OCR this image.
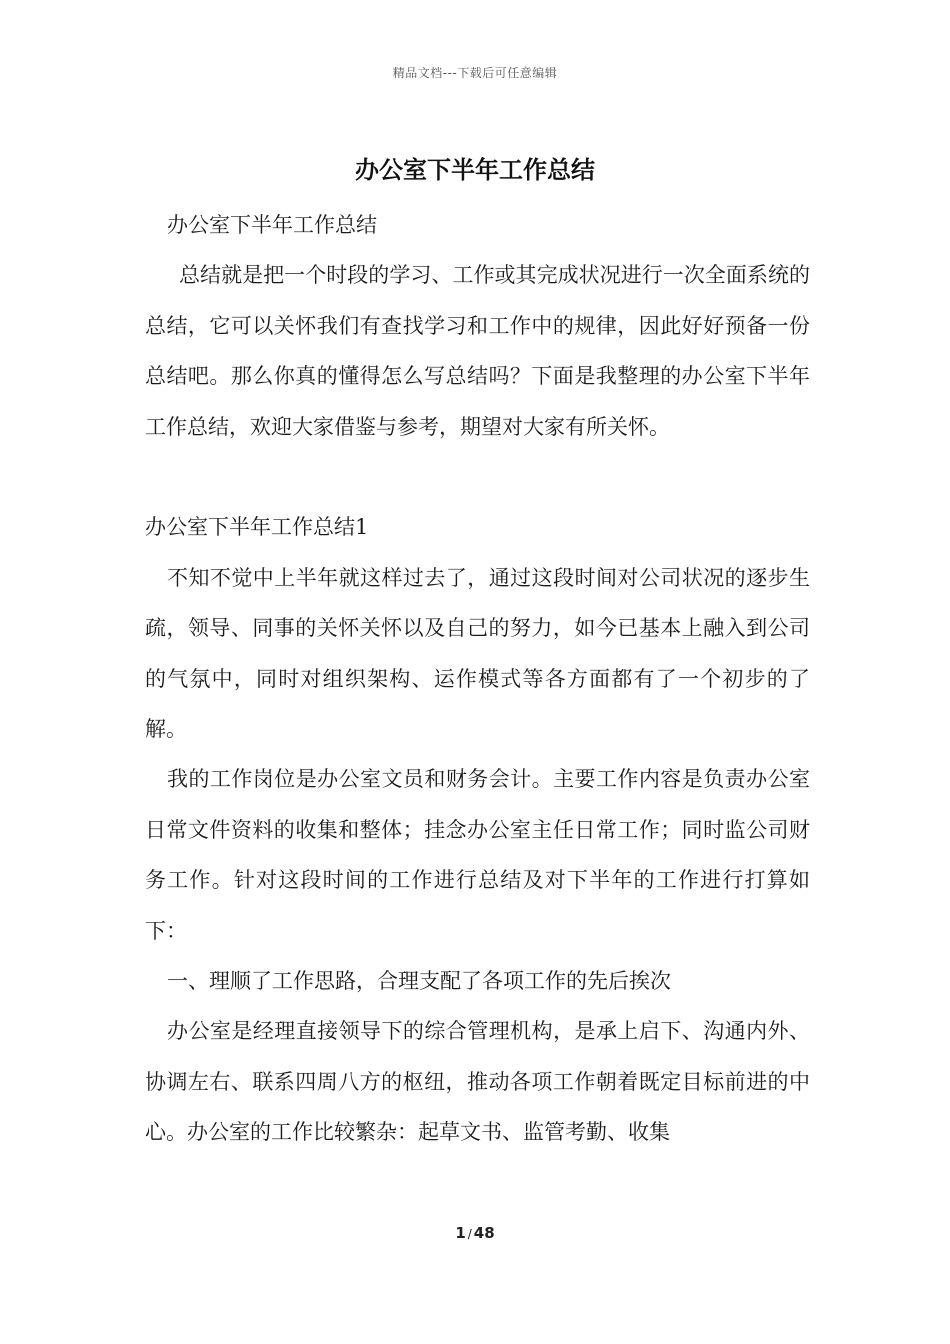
精品文档---下载后可任意编辑
办公室下半年工作总结

办公室下半年工作总结

总结就是把一个时段的学习、工作或其完成状况进行一次全面系统的总结，它可以关怀我们有查找学习和工作中的规律，因此好好预备一份总结吧。那么你真的懂得怎么写总结吗？下面是我整理的办公室下半年工作总结，欢迎大家借鉴与参考，期望对大家有所关怀。

办公室下半年工作总结1

不知不觉中上半年就这样过去了，通过这段时间对公司状况的逐步生疏，领导、同事的关怀关怀以及自己的努力，如今已基本上融入到公司的气氛中，同时对组织架构、运作模式等各方面都有了一个初步的了解。

我的工作岗位是办公室文员和财务会计。主要工作内容是负责办公室日常文件资料的收集和整体；挂念办公室主任日常工作；同时监公司财务工作。针对这段时间的工作进行总结及对下半年的工作进行打算如下：

一、理顺了工作思路，合理支配了各项工作的先后挨次

办公室是经理直接领导下的综合管理机构，是承上启下、沟通内外、协调左右、联系四周八方的枢纽，推动各项工作朝着既定目标前进的中心。办公室的工作比较繁杂：起草文书、监管考勤、收集

1 / 48
